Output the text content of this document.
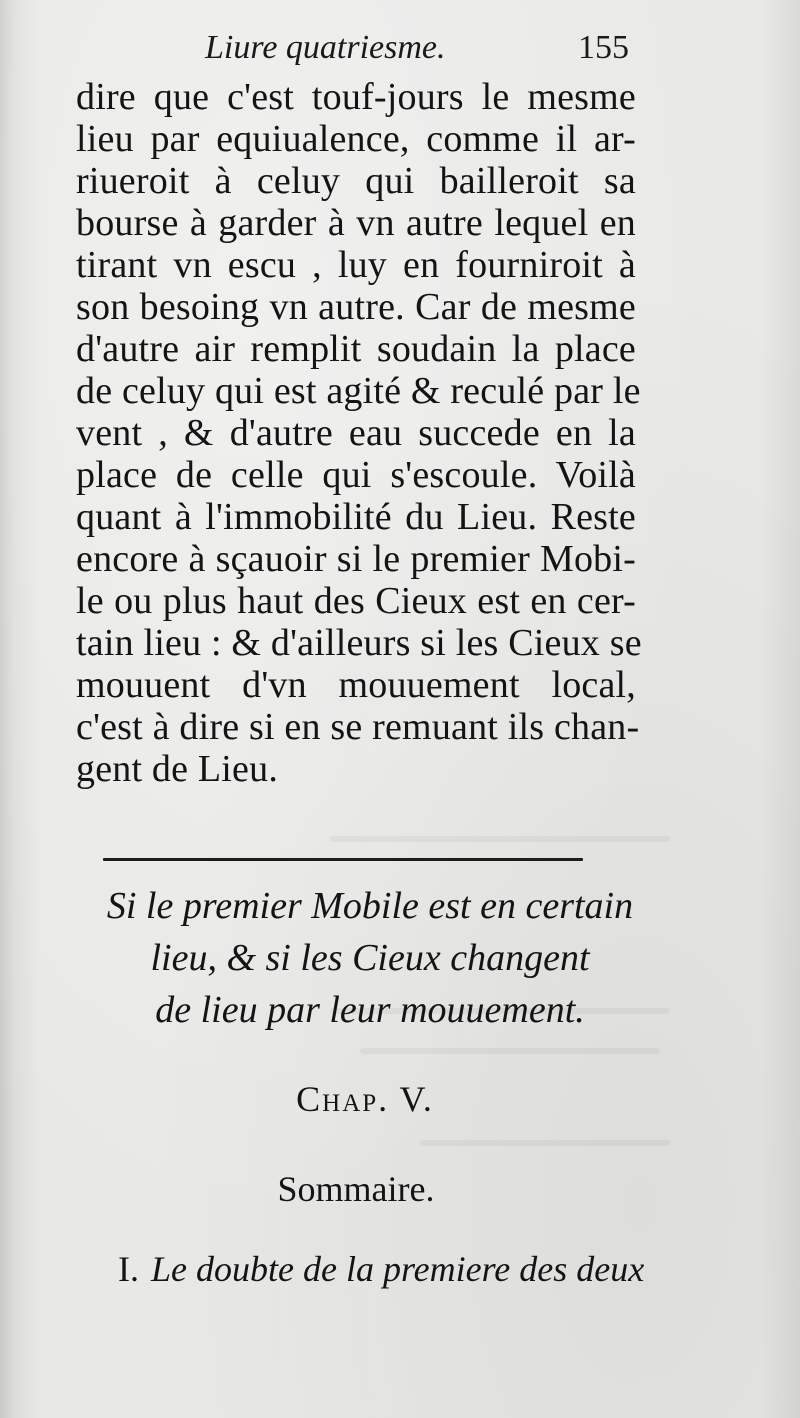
Liure quatriesme.	155
dire que c'est touf-jours le mesme
lieu par equiualence, comme il ar-
riueroit à celuy qui bailleroit sa
bourse à garder à vn autre lequel en
tirant vn escu , luy en fourniroit à
son besoing vn autre. Car de mesme
d'autre air remplit soudain la place
de celuy qui est agité & reculé par le
vent , & d'autre eau succede en la
place de celle qui s'escoule. Voilà
quant à l'immobilité du Lieu. Reste
encore à sçauoir si le premier Mobi-
le ou plus haut des Cieux est en cer-
tain lieu : & d'ailleurs si les Cieux se
mouuent d'vn mouuement local,
c'est à dire si en se remuant ils chan-
gent de Lieu.
Si le premier Mobile est en certain
lieu, & si les Cieux changent
de lieu par leur mouuement.
Chap. V.
Sommaire.
I. Le doubte de la premiere des deux
